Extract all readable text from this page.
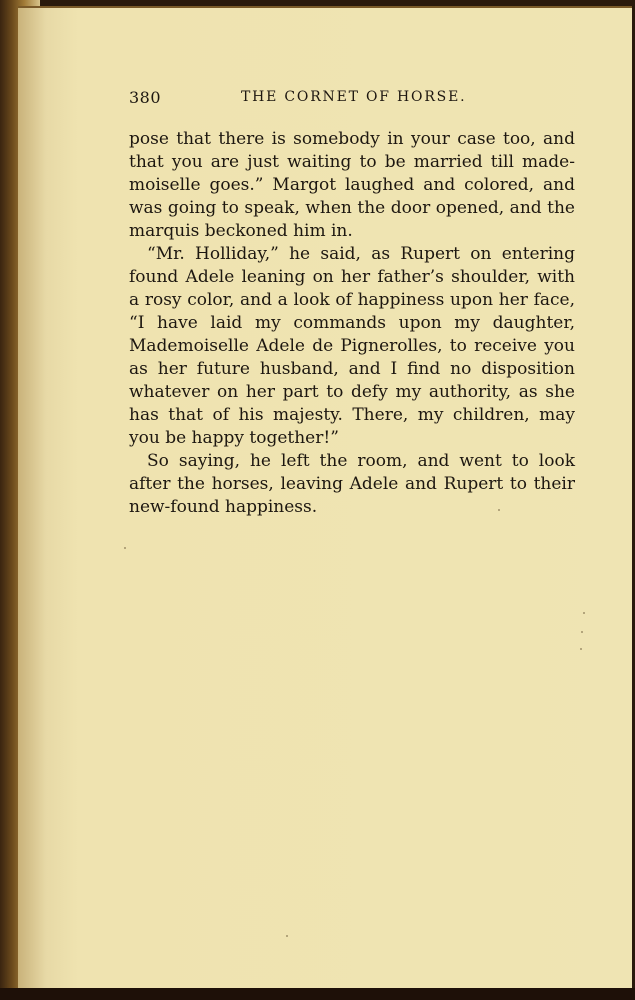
380	THE CORNET OF HORSE.
pose that there is somebody in your case too, and
that you are just waiting to be married till made-
moiselle goes.” Margot laughed and colored, and
was going to speak, when the door opened, and the
marquis beckoned him in.
“Mr. Holliday,” he said, as Rupert on entering
found Adele leaning on her father’s shoulder, with
a rosy color, and a look of happiness upon her face,
“I have laid my commands upon my daughter,
Mademoiselle Adele de Pignerolles, to receive you
as her future husband, and I find no disposition
whatever on her part to defy my authority, as she
has that of his majesty. There, my children, may
you be happy together!”
So saying, he left the room, and went to look
after the horses, leaving Adele and Rupert to their
new-found happiness.
